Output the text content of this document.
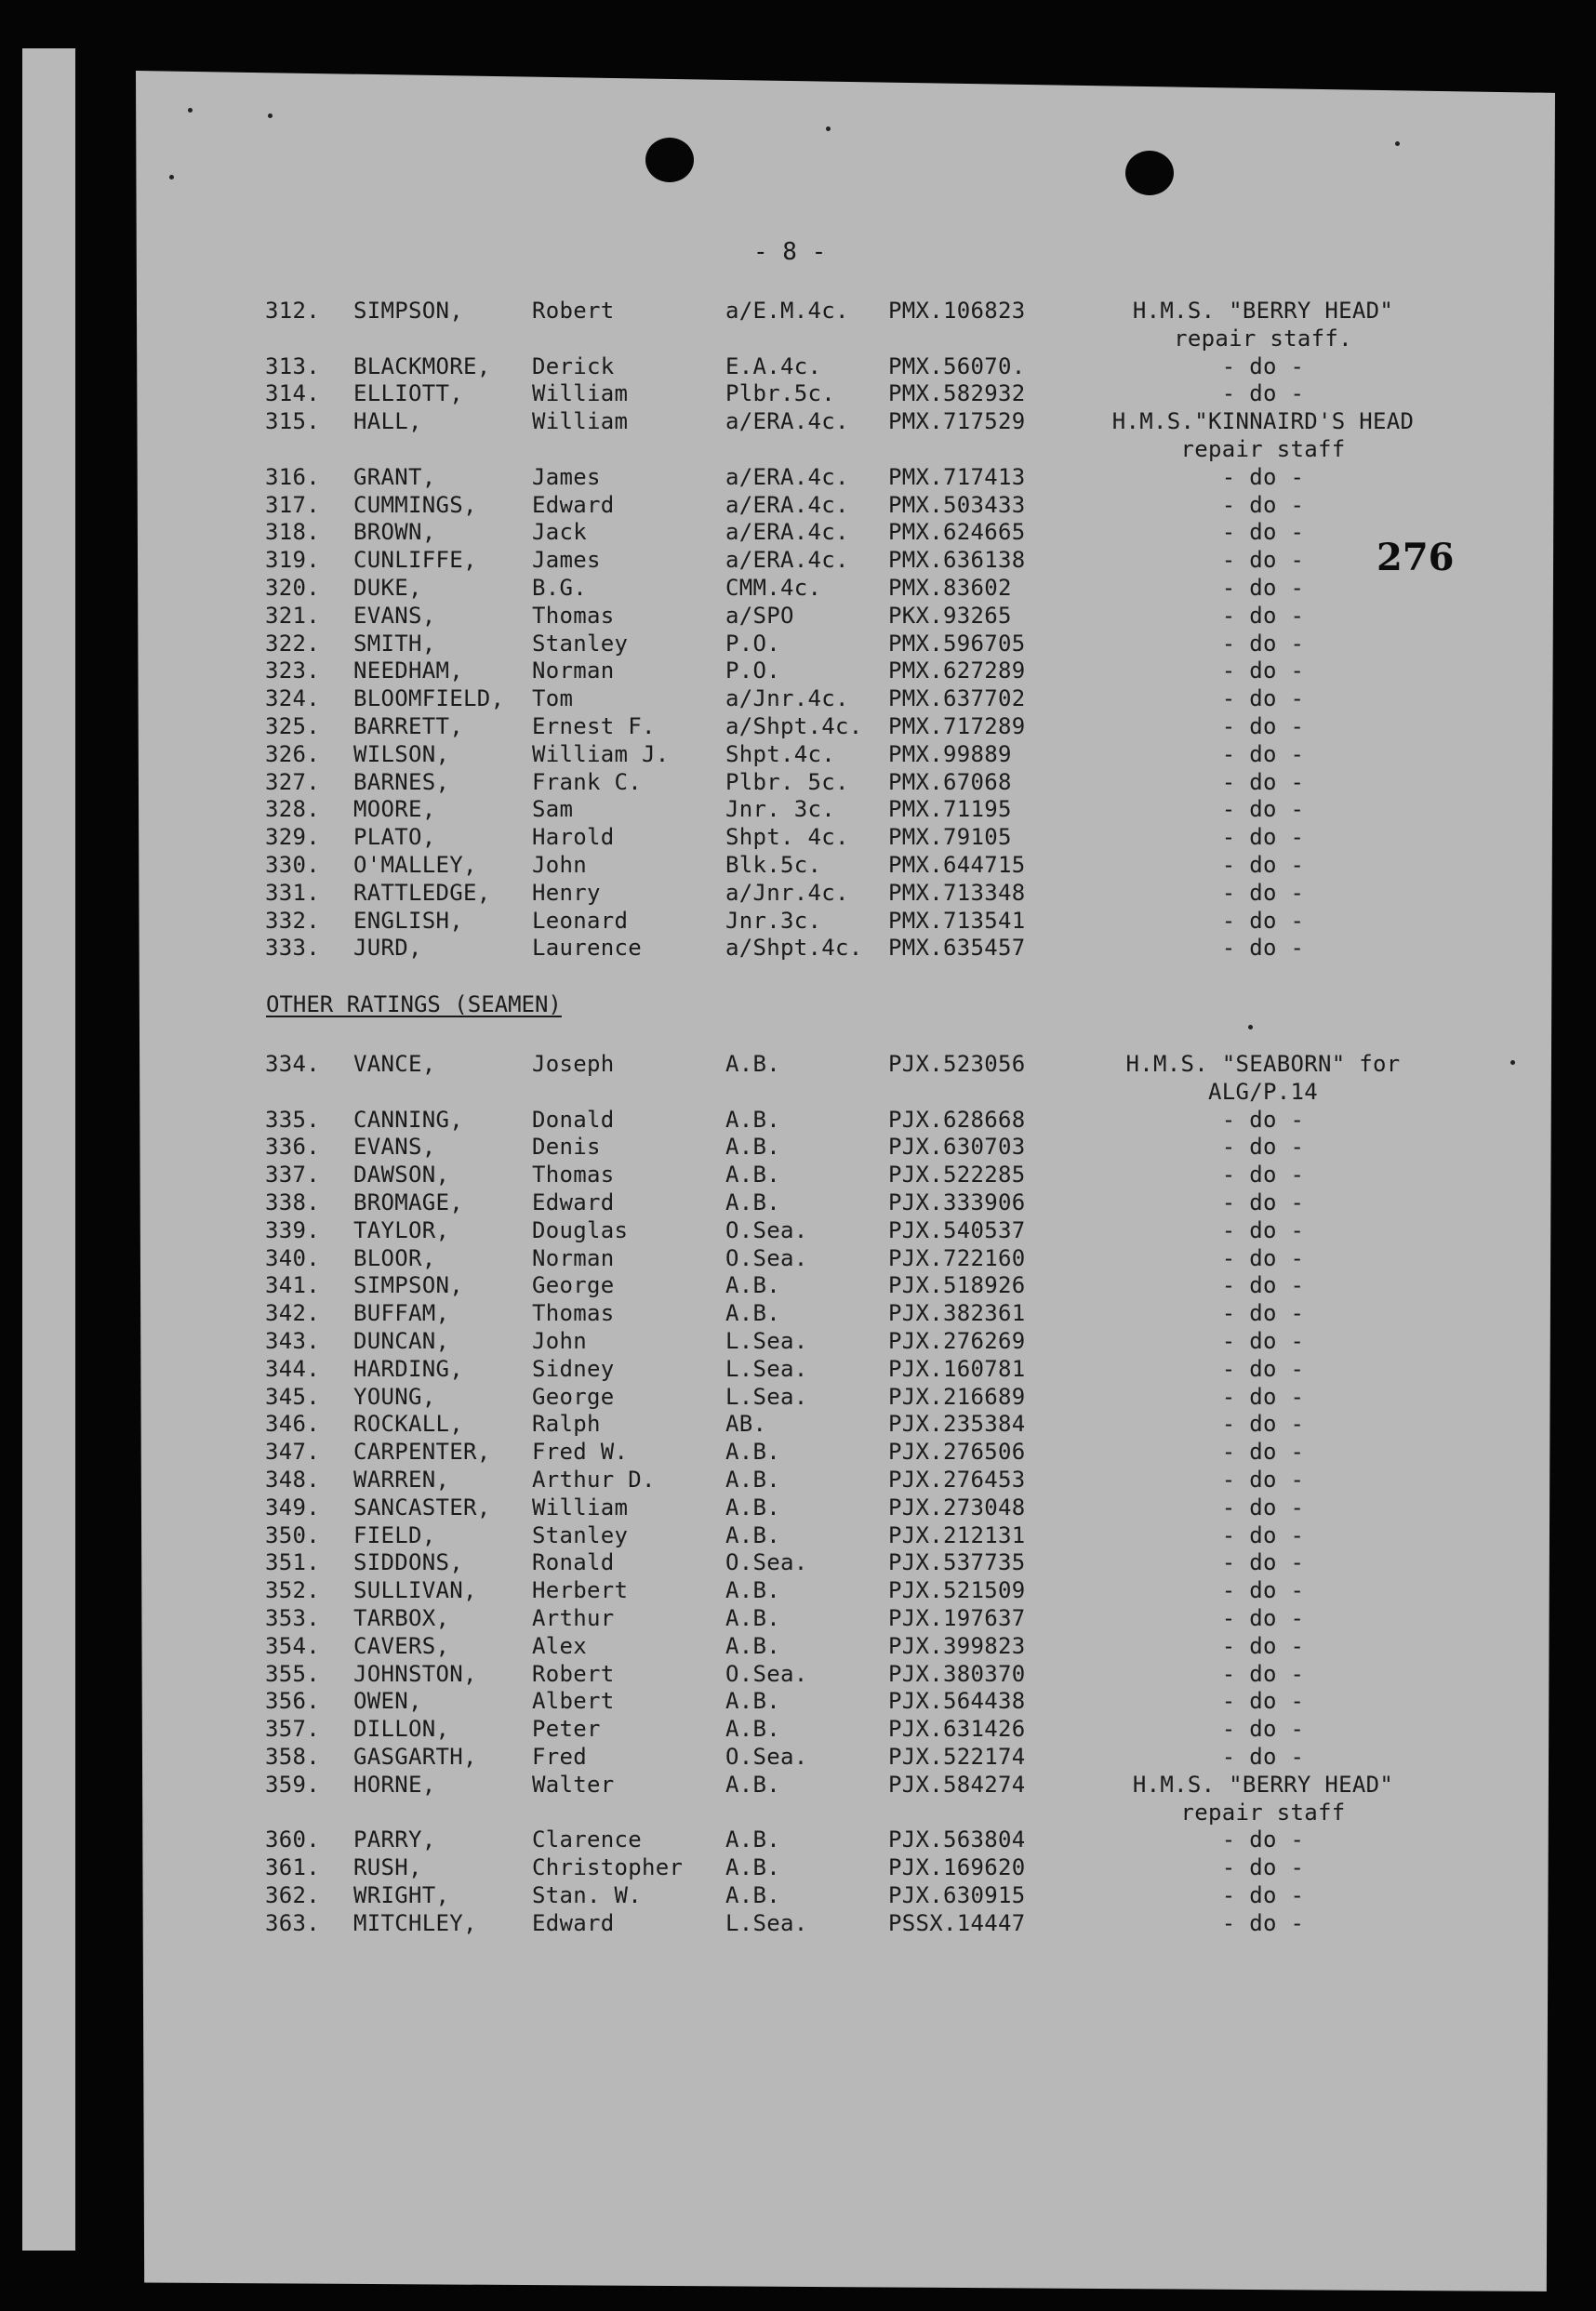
- 8 -
276
OTHER RATINGS (SEAMEN)
312. SIMPSON,	Robert	a/E.M.4c. PMX.106823	H.M.S. "BERRY HEAD"
repair staff.
313. BLACKMORE, Derick	E.A.4c.	PMX.56070.	- do -
314. ELLIOTT,	William	Plbr.5c. PMX.582932	- do -
315. HALL,	William	a/ERA.4c. PMX.717529	H.M.S."KINNAIRD'S HEAD
repair staff
316. GRANT,	James	a/ERA.4c. PMX.717413	- do -
317. CUMMINGS, Edward	a/ERA.4c. PMX.503433	- do -
318. BROWN,	Jack	a/ERA.4c. PMX.624665	- do -
319. CUNLIFFE, James	a/ERA.4c. PMX.636138	- do -
320. DUKE,	B.G.	CMM.4c.	PMX.83602	- do -
321. EVANS,	Thomas	a/SPO	PKX.93265	- do -
322. SMITH,	Stanley	P.O.	PMX.596705	- do -
323. NEEDHAM,	Norman	P.O.	PMX.627289	- do -
324. BLOOMFIELD, Tom	a/Jnr.4c. PMX.637702	- do -
325. BARRETT,	Ernest F.	a/Shpt.4c. PMX.717289	- do -
326. WILSON,	William J.	Shpt.4c. PMX.99889	- do -
327. BARNES,	Frank C.	Plbr. 5c. PMX.67068	- do -
328. MOORE,	Sam	Jnr. 3c. PMX.71195	- do -
329. PLATO,	Harold	Shpt. 4c. PMX.79105	- do -
330. O'MALLEY, John	Blk.5c.	PMX.644715	- do -
331. RATTLEDGE, Henry	a/Jnr.4c. PMX.713348	- do -
332. ENGLISH,	Leonard	Jnr.3c.	PMX.713541	- do -
333. JURD,	Laurence	a/Shpt.4c. PMX.635457	- do -
334. VANCE,	Joseph	A.B.	PJX.523056	H.M.S. "SEABORN" for
ALG/P.14
335. CANNING,	Donald	A.B.	PJX.628668	- do -
336. EVANS,	Denis	A.B.	PJX.630703	- do -
337. DAWSON,	Thomas	A.B.	PJX.522285	- do -
338. BROMAGE,	Edward	A.B.	PJX.333906	- do -
339. TAYLOR,	Douglas	O.Sea.	PJX.540537	- do -
340. BLOOR,	Norman	O.Sea.	PJX.722160	- do -
341. SIMPSON,	George	A.B.	PJX.518926	- do -
342. BUFFAM,	Thomas	A.B.	PJX.382361	- do -
343. DUNCAN,	John	L.Sea.	PJX.276269	- do -
344. HARDING,	Sidney	L.Sea.	PJX.160781	- do -
345. YOUNG,	George	L.Sea.	PJX.216689	- do -
346. ROCKALL,	Ralph	AB.	PJX.235384	- do -
347. CARPENTER, Fred W.	A.B.	PJX.276506	- do -
348. WARREN,	Arthur D.	A.B.	PJX.276453	- do -
349. SANCASTER, William	A.B.	PJX.273048	- do -
350. FIELD,	Stanley	A.B.	PJX.212131	- do -
351. SIDDONS,	Ronald	O.Sea.	PJX.537735	- do -
352. SULLIVAN, Herbert	A.B.	PJX.521509	- do -
353. TARBOX,	Arthur	A.B.	PJX.197637	- do -
354. CAVERS,	Alex	A.B.	PJX.399823	- do -
355. JOHNSTON, Robert	O.Sea.	PJX.380370	- do -
356. OWEN,	Albert	A.B.	PJX.564438	- do -
357. DILLON,	Peter	A.B.	PJX.631426	- do -
358. GASGARTH, Fred	O.Sea.	PJX.522174	- do -
359. HORNE,	Walter	A.B.	PJX.584274	H.M.S. "BERRY HEAD"
repair staff
360. PARRY,	Clarence	A.B.	PJX.563804	- do -
361. RUSH,	Christopher A.B.	PJX.169620	- do -
362. WRIGHT,	Stan. W.	A.B.	PJX.630915	- do -
363. MITCHLEY, Edward	L.Sea.	PSSX.14447	- do -
